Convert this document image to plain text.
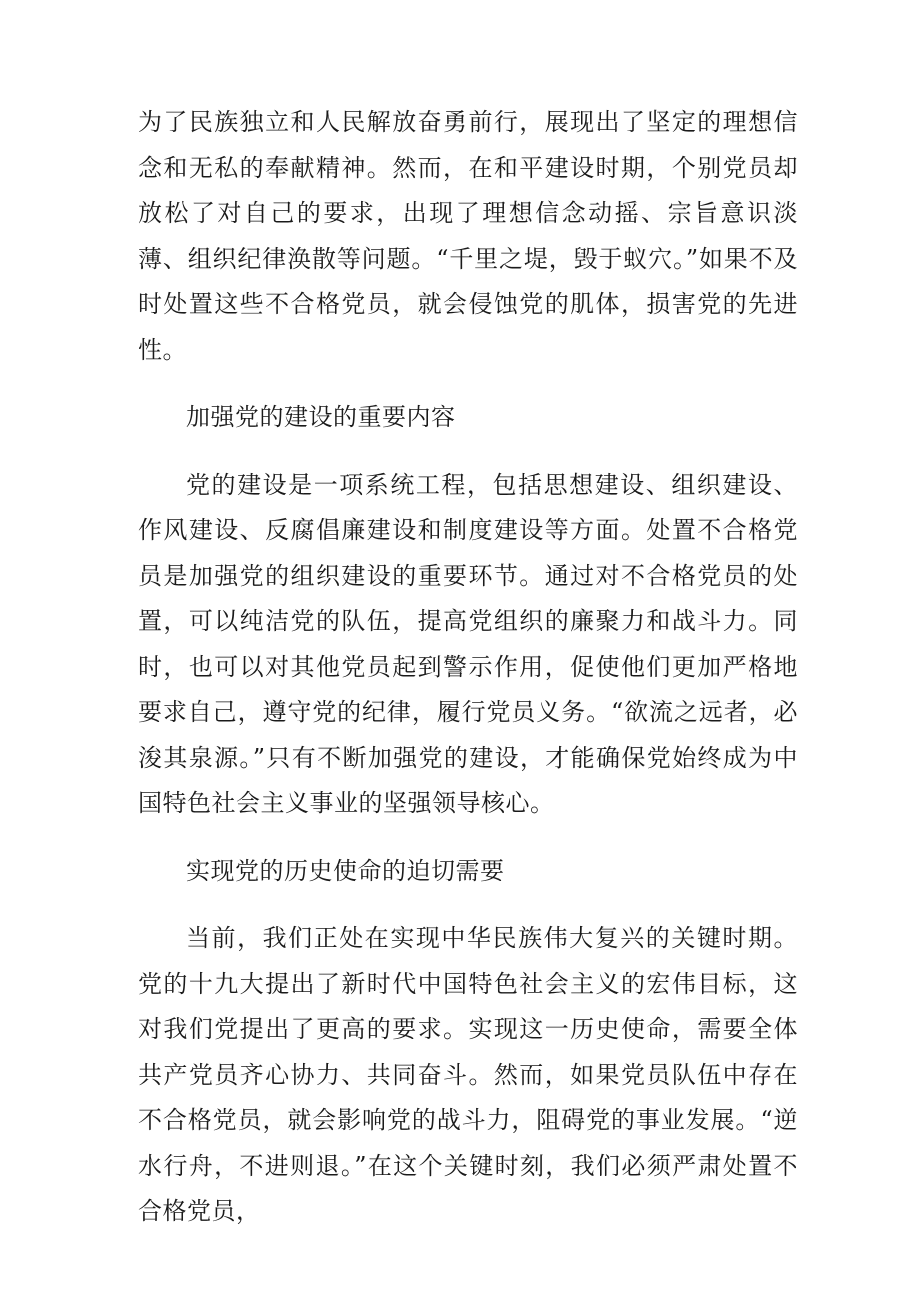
为了民族独立和人民解放奋勇前行，展现出了坚定的理想信念和无私的奉献精神。然而，在和平建设时期，个别党员却放松了对自己的要求，出现了理想信念动摇、宗旨意识淡薄、组织纪律涣散等问题。“千里之堤，毁于蚁穴。”如果不及时处置这些不合格党员，就会侵蚀党的肌体，损害党的先进性。

加强党的建设的重要内容

党的建设是一项系统工程，包括思想建设、组织建设、作风建设、反腐倡廉建设和制度建设等方面。处置不合格党员是加强党的组织建设的重要环节。通过对不合格党员的处置，可以纯洁党的队伍，提高党组织的廉聚力和战斗力。同时，也可以对其他党员起到警示作用，促使他们更加严格地要求自己，遵守党的纪律，履行党员义务。“欲流之远者，必浚其泉源。”只有不断加强党的建设，才能确保党始终成为中国特色社会主义事业的坚强领导核心。

实现党的历史使命的迫切需要

当前，我们正处在实现中华民族伟大复兴的关键时期。党的十九大提出了新时代中国特色社会主义的宏伟目标，这对我们党提出了更高的要求。实现这一历史使命，需要全体共产党员齐心协力、共同奋斗。然而，如果党员队伍中存在不合格党员，就会影响党的战斗力，阻碍党的事业发展。“逆水行舟，不进则退。”在这个关键时刻，我们必须严肃处置不合格党员，
